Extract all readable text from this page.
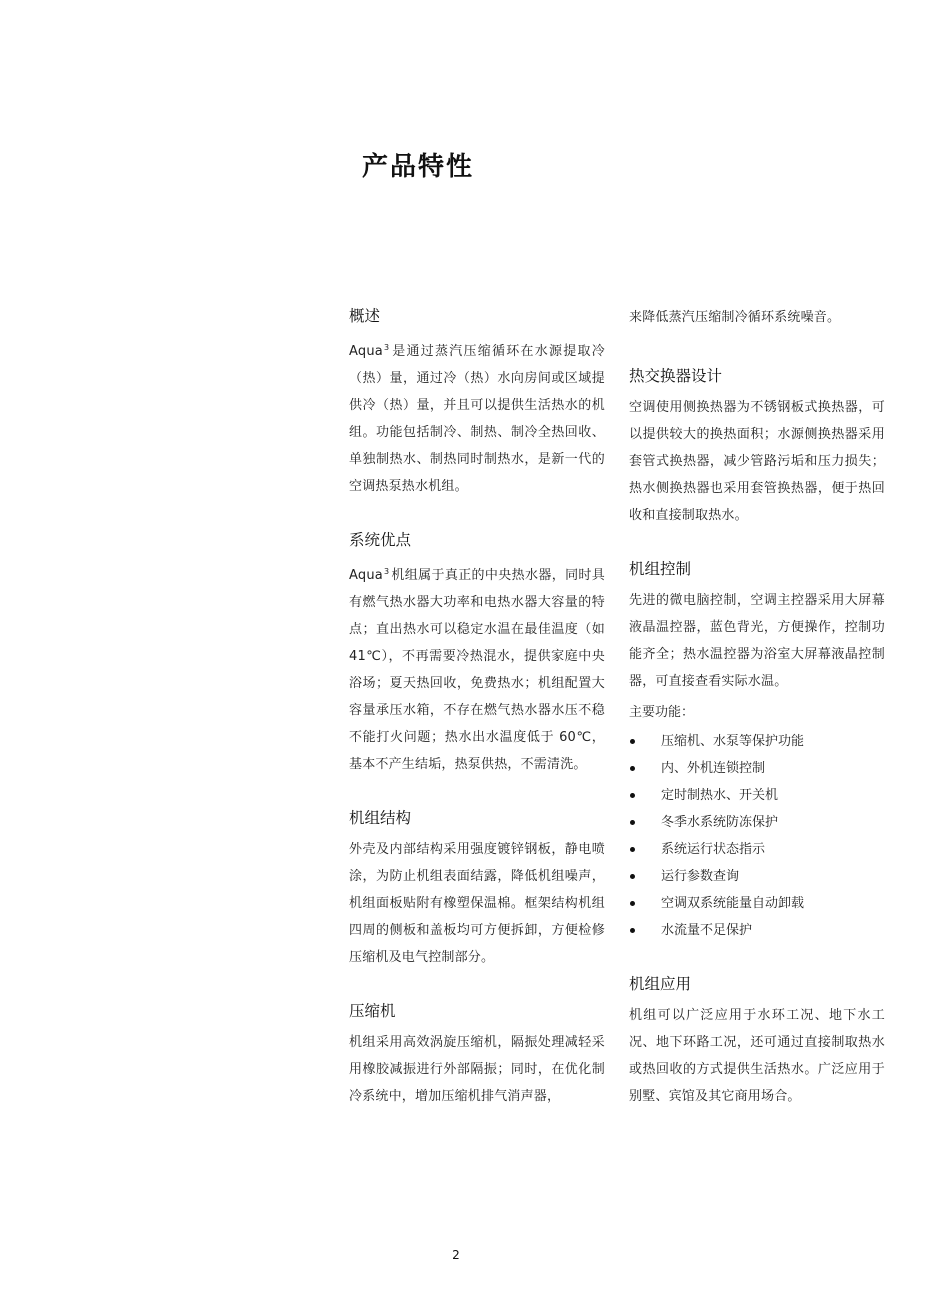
产品特性
概述

Aqua$^3$ 是通过蒸汽压缩循环在水源提取冷（热）量，通过冷（热）水向房间或区域提供冷（热）量，并且可以提供生活热水的机组。功能包括制冷、制热、制冷全热回收、单独制热水、制热同时制热水，是新一代的空调热泵热水机组。

系统优点

Aqua$^3$ 机组属于真正的中央热水器，同时具有燃气热水器大功率和电热水器大容量的特点；直出热水可以稳定水温在最佳温度（如 41℃），不再需要冷热混水，提供家庭中央浴场；夏天热回收，免费热水；机组配置大容量承压水箱，不存在燃气热水器水压不稳不能打火问题；热水出水温度低于 60℃，基本不产生结垢，热泵供热，不需清洗。

机组结构

外壳及内部结构采用强度镀锌钢板，静电喷涂，为防止机组表面结露，降低机组噪声，机组面板贴附有橡塑保温棉。框架结构机组四周的侧板和盖板均可方便拆卸，方便检修压缩机及电气控制部分。

压缩机

机组采用高效涡旋压缩机，隔振处理减轻采用橡胶减振进行外部隔振；同时，在优化制冷系统中，增加压缩机排气消声器，

来降低蒸汽压缩制冷循环系统噪音。

热交换器设计

空调使用侧换热器为不锈钢板式换热器，可以提供较大的换热面积；水源侧换热器采用套管式换热器，减少管路污垢和压力损失；热水侧换热器也采用套管换热器，便于热回收和直接制取热水。

机组控制

先进的微电脑控制，空调主控器采用大屏幕液晶温控器，蓝色背光，方便操作，控制功能齐全；热水温控器为浴室大屏幕液晶控制器，可直接查看实际水温。

主要功能：

压缩机、水泵等保护功能
内、外机连锁控制
定时制热水、开关机
冬季水系统防冻保护
系统运行状态指示
运行参数查询
空调双系统能量自动卸载
水流量不足保护
机组应用

机组可以广泛应用于水环工况、地下水工况、地下环路工况，还可通过直接制取热水或热回收的方式提供生活热水。广泛应用于别墅、宾馆及其它商用场合。

2
